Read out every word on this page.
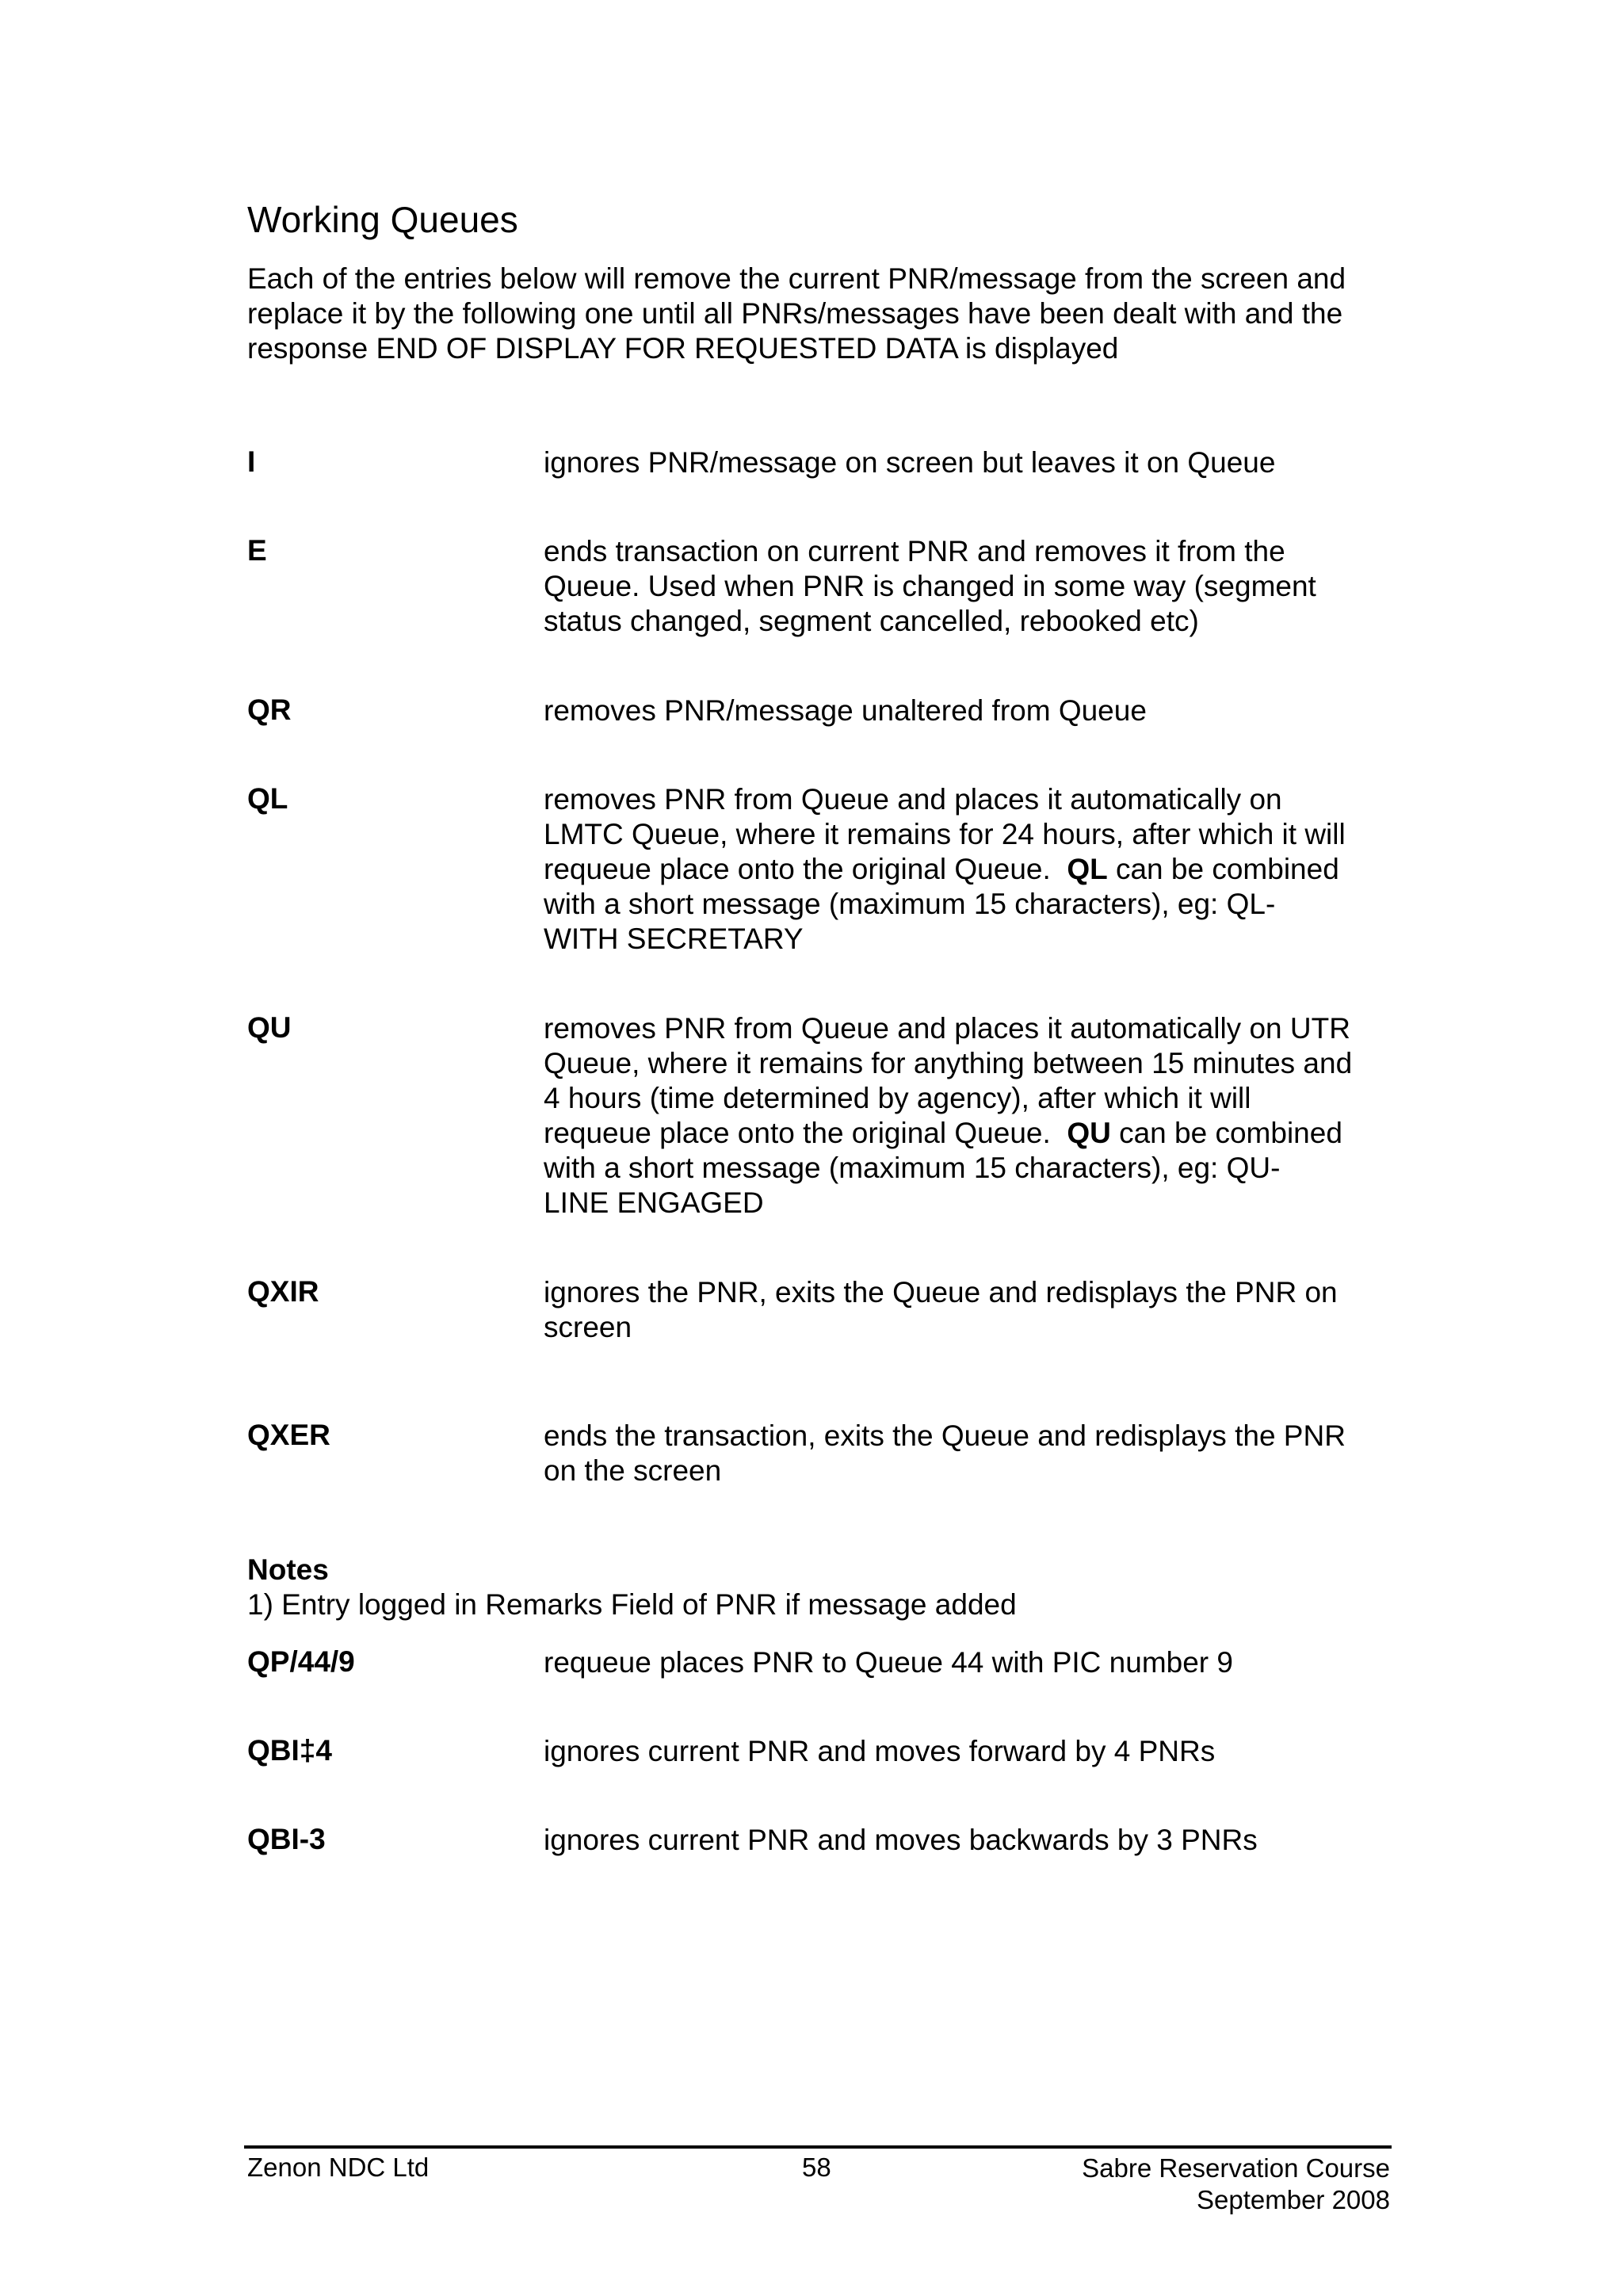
Working Queues
Each of the entries below will remove the current PNR/message from the screen and
replace it by the following one until all PNRs/messages have been dealt with and the
response END OF DISPLAY FOR REQUESTED DATA is displayed
I	ignores PNR/message on screen but leaves it on Queue
E	ends transaction on current PNR and removes it from the
Queue. Used when PNR is changed in some way (segment
status changed, segment cancelled, rebooked etc)
QR	removes PNR/message unaltered from Queue
QL	removes PNR from Queue and places it automatically on
LMTC Queue, where it remains for 24 hours, after which it will
requeue place onto the original Queue. QL can be combined
with a short message (maximum 15 characters), eg: QL-
WITH SECRETARY
QU	removes PNR from Queue and places it automatically on UTR
Queue, where it remains for anything between 15 minutes and
4 hours (time determined by agency), after which it will
requeue place onto the original Queue. QU can be combined
with a short message (maximum 15 characters), eg: QU-
LINE ENGAGED
QXIR	ignores the PNR, exits the Queue and redisplays the PNR on
screen
QXER	ends the transaction, exits the Queue and redisplays the PNR
on the screen
Notes
1) Entry logged in Remarks Field of PNR if message added
QP/44/9	requeue places PNR to Queue 44 with PIC number 9
QBI‡4	ignores current PNR and moves forward by 4 PNRs
QBI-3	ignores current PNR and moves backwards by 3 PNRs
Zenon NDC Ltd	58	Sabre Reservation Course
September 2008
